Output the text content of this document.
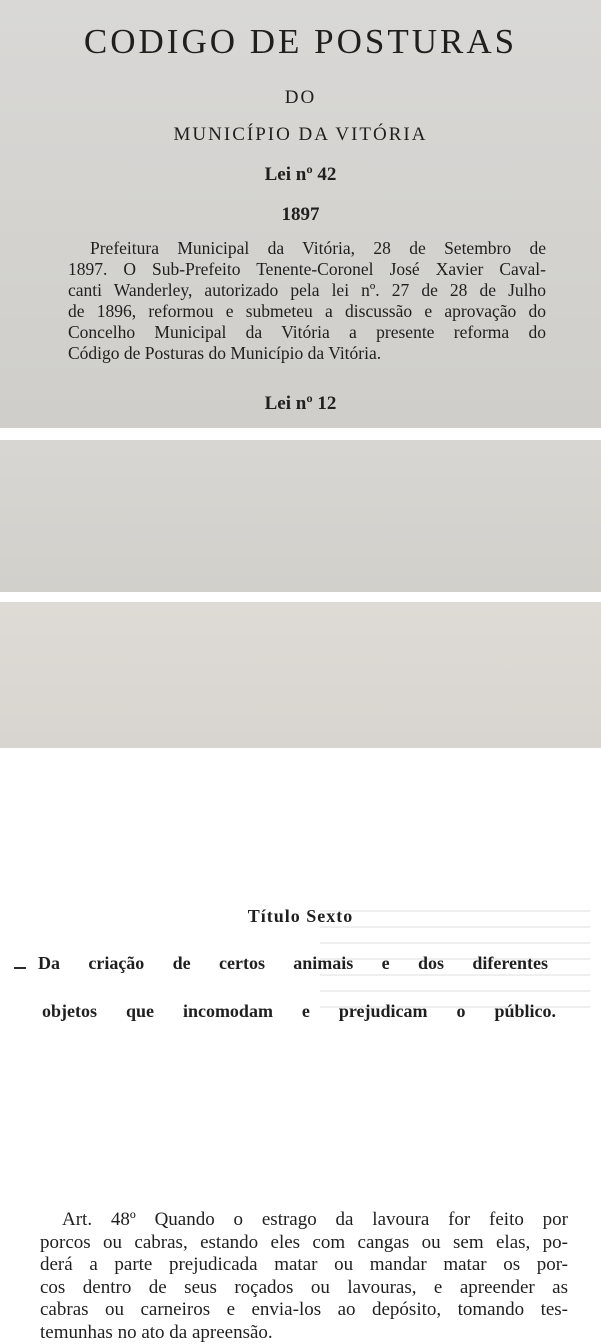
CODIGO DE POSTURAS
DO
MUNICÍPIO DA VITÓRIA
Lei nº 42
1897
Prefeitura Municipal da Vitória, 28 de Setembro de
1897. O Sub-Prefeito Tenente-Coronel José Xavier Caval-
canti Wanderley, autorizado pela lei nº. 27 de 28 de Julho
de 1896, reformou e submeteu a discussão e aprovação do
Concelho Municipal da Vitória a presente reforma do
Código de Posturas do Município da Vitória.
Lei nº 12
Título Sexto
Da criação de certos animais e dos diferentes
objetos que incomodam e prejudicam o público.
Art. 48º Quando o estrago da lavoura for feito por
porcos ou cabras, estando eles com cangas ou sem elas, po-
derá a parte prejudicada matar ou mandar matar os por-
cos dentro de seus roçados ou lavouras, e apreender as
cabras ou carneiros e envia-los ao depósito, tomando tes-
temunhas no ato da apreensão.
